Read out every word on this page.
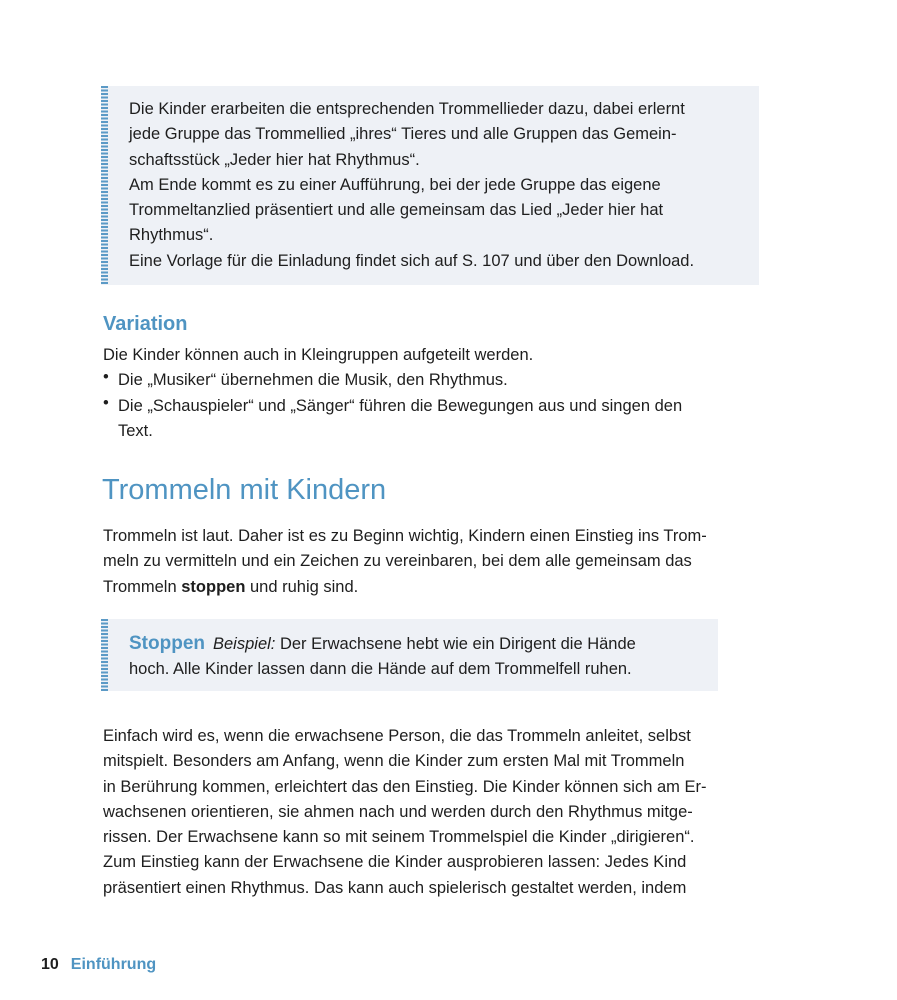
Die Kinder erarbeiten die entsprechenden Trommellieder dazu, dabei erlernt
jede Gruppe das Trommellied „ihres“ Tieres und alle Gruppen das Gemein-
schaftsstück „Jeder hier hat Rhythmus“.
Am Ende kommt es zu einer Aufführung, bei der jede Gruppe das eigene
Trommeltanzlied präsentiert und alle gemeinsam das Lied „Jeder hier hat
Rhythmus“.
Eine Vorlage für die Einladung findet sich auf S. 107 und über den Download.
Variation
Die Kinder können auch in Kleingruppen aufgeteilt werden.
• Die „Musiker“ übernehmen die Musik, den Rhythmus.
• Die „Schauspieler“ und „Sänger“ führen die Bewegungen aus und singen den
Text.
Trommeln mit Kindern
Trommeln ist laut. Daher ist es zu Beginn wichtig, Kindern einen Einstieg ins Trom-
meln zu vermitteln und ein Zeichen zu vereinbaren, bei dem alle gemeinsam das
Trommeln stoppen und ruhig sind.
Stoppen Beispiel: Der Erwachsene hebt wie ein Dirigent die Hände
hoch. Alle Kinder lassen dann die Hände auf dem Trommelfell ruhen.
Einfach wird es, wenn die erwachsene Person, die das Trommeln anleitet, selbst
mitspielt. Besonders am Anfang, wenn die Kinder zum ersten Mal mit Trommeln
in Berührung kommen, erleichtert das den Einstieg. Die Kinder können sich am Er-
wachsenen orientieren, sie ahmen nach und werden durch den Rhythmus mitge-
rissen. Der Erwachsene kann so mit seinem Trommelspiel die Kinder „dirigieren“.
Zum Einstieg kann der Erwachsene die Kinder ausprobieren lassen: Jedes Kind
präsentiert einen Rhythmus. Das kann auch spielerisch gestaltet werden, indem
10 Einführung
